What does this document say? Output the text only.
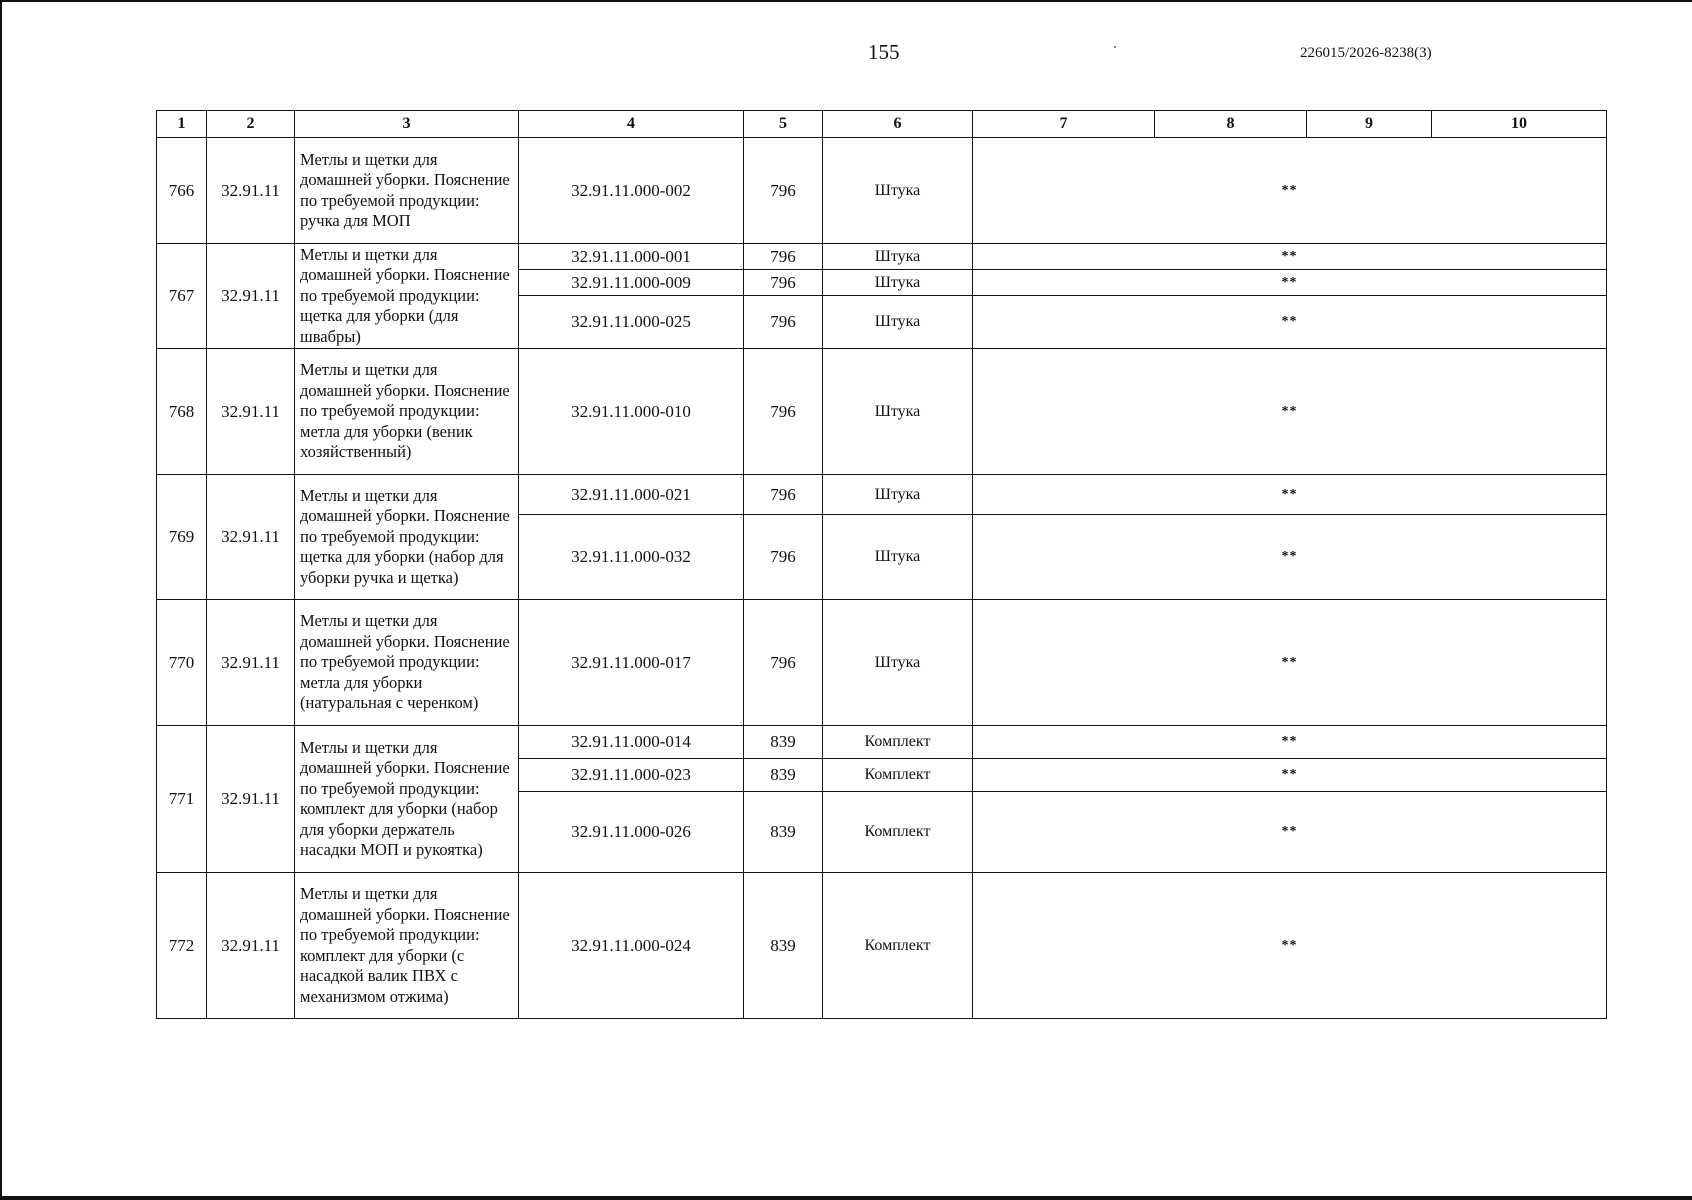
155	226015/2026-8238(3)
1	2	3	4	5	6	7	8	9	10
766	32.91.11	Метлы и щетки для домашней уборки. Пояснение по требуемой продукции: ручка для МОП	32.91.11.000-002	796	Штука	**			
767	32.91.11	Метлы и щетки для домашней уборки. Пояснение по требуемой продукции: щетка для уборки (для швабры)	32.91.11.000-001	796	Штука	**			
			32.91.11.000-009	796	Штука	**			
			32.91.11.000-025	796	Штука	**			
768	32.91.11	Метлы и щетки для домашней уборки. Пояснение по требуемой продукции: метла для уборки (веник хозяйственный)	32.91.11.000-010	796	Штука	**			
769	32.91.11	Метлы и щетки для домашней уборки. Пояснение по требуемой продукции: щетка для уборки (набор для уборки ручка и щетка)	32.91.11.000-021	796	Штука	**			
			32.91.11.000-032	796	Штука	**			
770	32.91.11	Метлы и щетки для домашней уборки. Пояснение по требуемой продукции: метла для уборки (натуральная с черенком)	32.91.11.000-017	796	Штука	**			
771	32.91.11	Метлы и щетки для домашней уборки. Пояснение по требуемой продукции: комплект для уборки (набор для уборки держатель насадки МОП и рукоятка)	32.91.11.000-014	839	Комплект	**			
			32.91.11.000-023	839	Комплект	**			
			32.91.11.000-026	839	Комплект	**			
772	32.91.11	Метлы и щетки для домашней уборки. Пояснение по требуемой продукции: комплект для уборки (с насадкой валик ПВХ с механизмом отжима)	32.91.11.000-024	839	Комплект	**			
